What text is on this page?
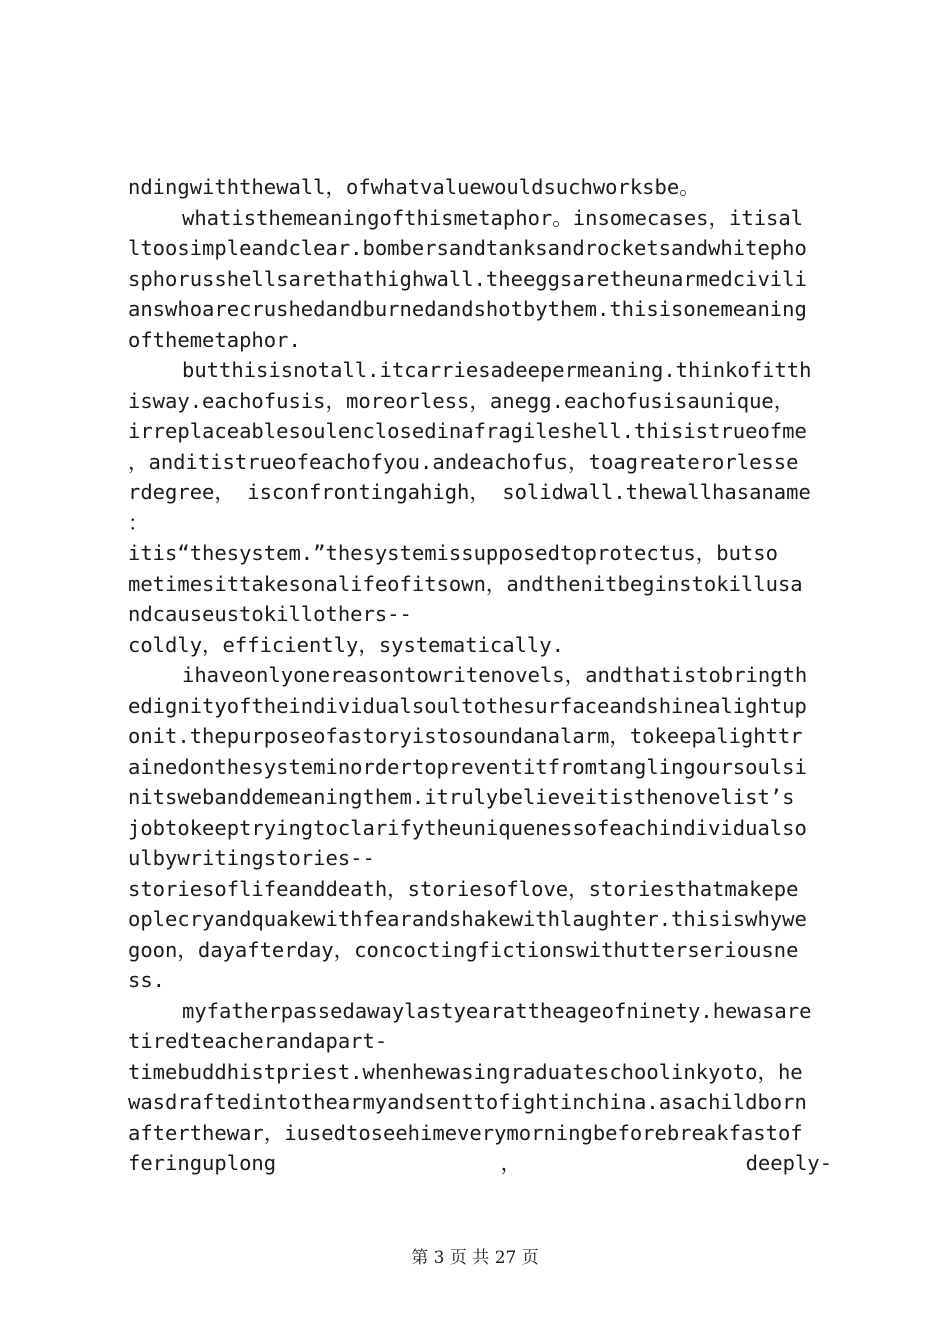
ndingwiththewall，ofwhatvaluewouldsuchworksbe。
whatisthemeaningofthismetaphor。insomecases，itisal
ltoosimpleandclear.bombersandtanksandrocketsandwhitepho
sphorusshellsarethathighwall.theeggsaretheunarmedcivili
answhoarecrushedandburnedandshotbythem.thisisonemeaning
ofthemetaphor.
butthisisnotall.itcarriesadeepermeaning.thinkofitth
isway.eachofusis，moreorless，anegg.eachofusisaunique，
irreplaceablesoulenclosedinafragileshell.thisistrueofme
，anditistrueofeachofyou.andeachofus，toagreaterorlesse
rdegree， isconfrontingahigh， solidwall.thewallhasaname
：
itis“thesystem.”thesystemissupposedtoprotectus，butso
metimesittakesonalifeofitsown，andthenitbeginstokillusa
ndcauseustokillothers--
coldly，efficiently，systematically.
ihaveonlyonereasontowritenovels，andthatistobringth
edignityoftheindividualsoultothesurfaceandshinealightup
onit.thepurposeofastoryistosoundanalarm，tokeepalighttr
ainedonthesysteminordertopreventitfromtanglingoursoulsi
nitswebanddemeaningthem.itrulybelieveitisthenovelist’s
jobtokeeptryingtoclarifytheuniquenessofeachindividualso
ulbywritingstories--
storiesoflifeanddeath，storiesoflove，storiesthatmakepe
oplecryandquakewithfearandshakewithlaughter.thisiswhywe
goon，dayafterday，concoctingfictionswithutterseriousne
ss.
myfatherpassedawaylastyearattheageofninety.hewasare
tiredteacherandapart-
timebuddhistpriest.whenhewasingraduateschoolinkyoto，he
wasdraftedintothearmyandsenttofightinchina.asachildborn
afterthewar，iusedtoseehimeverymorningbeforebreakfastof
feringuplong	，	deeply-
第 3 页 共 27 页
